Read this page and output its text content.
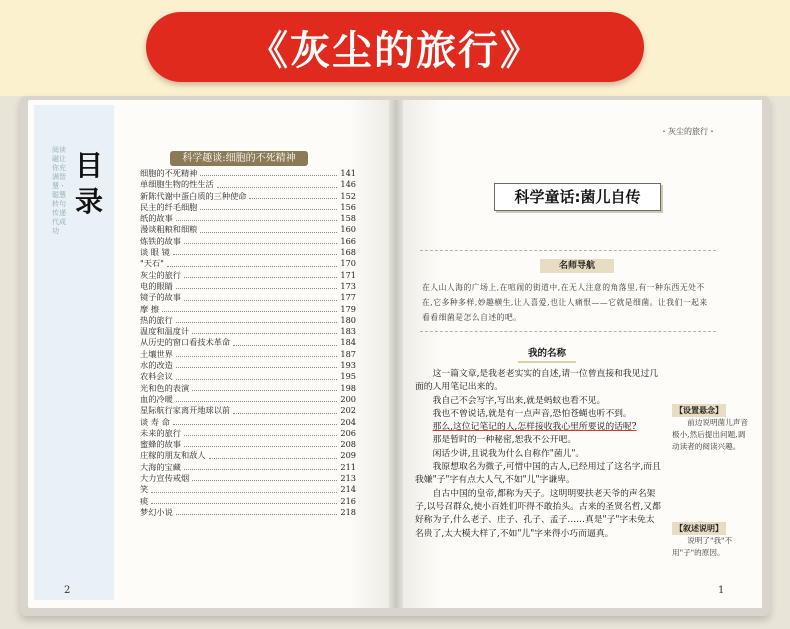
《灰尘的旅行》
阅读磁让你充满智慧・聪慧转句传递代成功
目录
科学趣谈:细胞的不死精神
细胞的不死精神	141
单细胞生物的性生活	146
新陈代谢中蛋白质的三种使命	152
民主的纤毛细胞	156
纸的故事	158
漫谈粗粮和细粮	160
炼铁的故事	166
谈 眼 镜	168
"天石"	170
灰尘的旅行	171
电的眼睛	173
镜子的故事	177
摩 擦	179
热的旅行	180
温度和温度计	183
从历史的窗口看技术革命	184
土壤世界	187
水的改造	193
农料会议	195
光和色的表演	198
血的冷暖	200
星际航行家离开地球以前	202
谈 寿 命	204
未来的旅行	206
蜜蜂的故事	208
庄稼的朋友和敌人	209
大海的宝藏	211
大力宣传戒烟	213
笑	214
痰	216
梦幻小说	218
2
・灰尘的旅行・
科学童话:菌儿自传
名师导航
在人山人海的广场上,在喧闹的街道中,在无人注意的角落里,有一种东西无处不在,它多种多样,妙趣横生,让人喜爱,也让人痛恨——它就是细菌。让我们一起来看看细菌是怎么自述的吧。
我的名称

这一篇文章,是我老老实实的自述,请一位曾直接和我见过几面的人用笔记出来的。

我自己不会写字,写出来,就是蚂蚁也看不见。

我也不曾说话,就是有一点声音,恐怕苍蝇也听不到。

那么,这位记笔记的人,怎样接收我心里所要说的话呢?

那是暂时的一种秘密,恕我不公开吧。

闲话少讲,且说我为什么自称作"菌儿"。

我原想取名为微子,可惜中国的古人,已经用过了这名字,而且我嫌"子"字有点大人气,不如"儿"字谦卑。

自古中国的皇帝,都称为天子。这明明要扶老天爷的声名架子,以号召群众,使小百姓们吓得不敢抬头。古来的圣贤名哲,又都好称为子,什么老子、庄子、孔子、孟子……真是"子"字未免太名贵了,太大模大样了,不如"儿"字来得小巧而逼真。

【设置悬念】
前边说明菌儿声音极小,然后提出问题,调动读者的阅读兴趣。
【叙述说明】
说明了"我"不用"子"的原因。
1
